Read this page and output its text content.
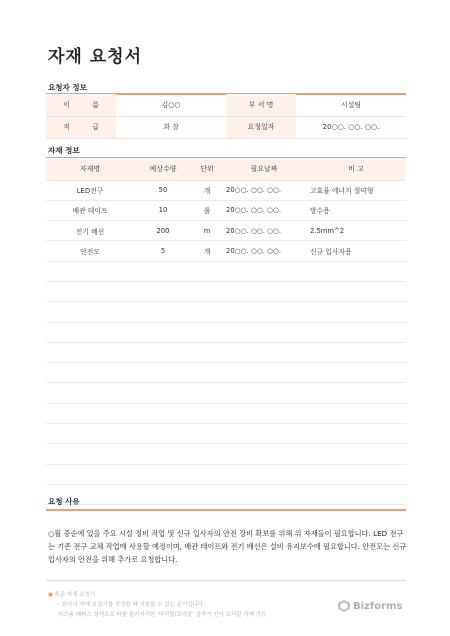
자재 요청서
요청자 정보
이          름	김○○	부 서 명	시설팀
직          급	과 장	요청일자	20○○. ○○. ○○.
자재 정보
자재명	예상수량	단위	필요날짜	비 고
LED전구	50	개	20○○. ○○. ○○.	고효율 에너지 절약형
배관 테이프	10	롤	20○○. ○○. ○○.	방수용
전기 배선	200	m	20○○. ○○. ○○.	2.5mm^2
안전모	5	개	20○○. ○○. ○○.	신규 입사자용

요청 사유
○월 중순에 있을 주요 시설 정비 작업 및 신규 입사자의 안전 장비 확보를 위해 위 자재들이 필요합니다. LED 전구는 기존 전구 교체 작업에 사용할 예정이며, 배관 테이프와 전기 배선은 설비 유지보수에 필요합니다. 안전모는 신규 입사자의 안전을 위해 추가로 요청합니다.
● 표준 자재 요청서
- 회사의 자재 요청서를 작성할 때 사용할 수 있는 문서입니다.
비즈폼 래퍼스 정책으로 타를 블러처리한 '머리말/꼬리말' 삽자가 인이 꼬리말 삭제 가능
Bizforms
